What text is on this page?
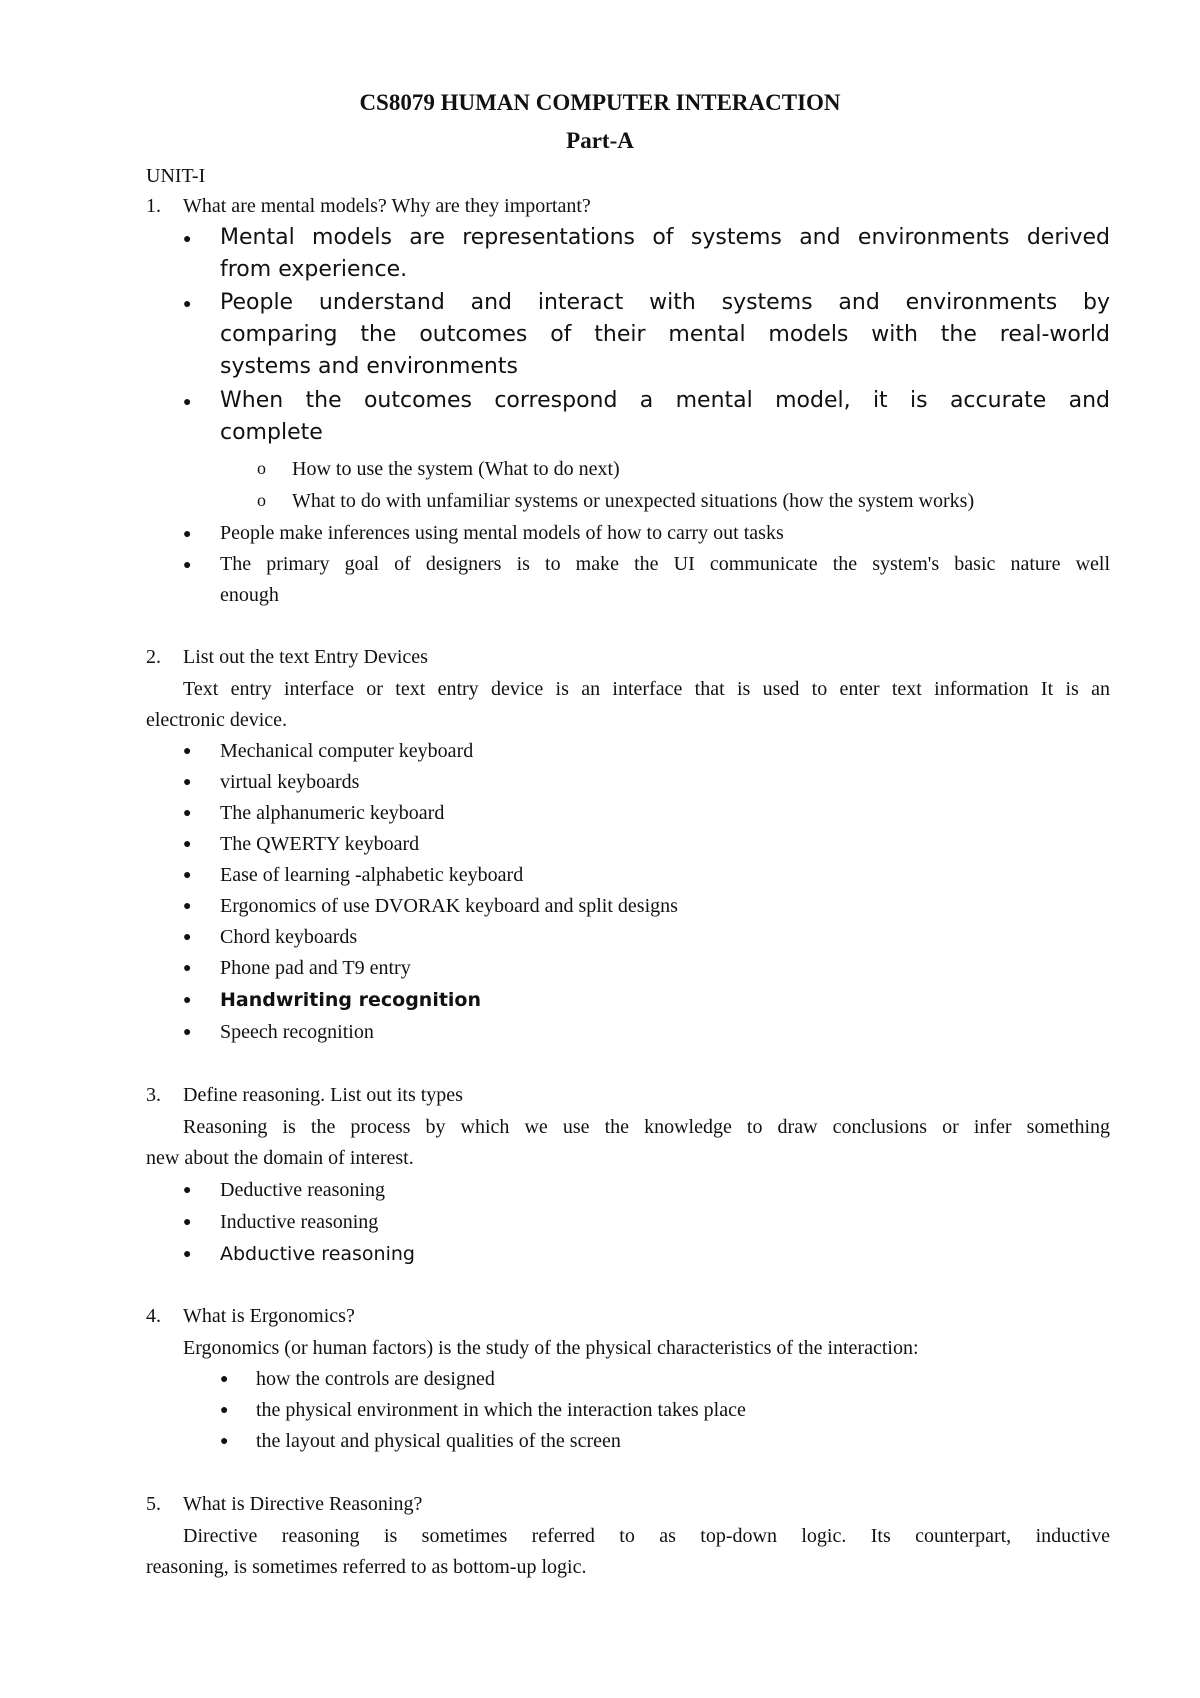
CS8079 HUMAN COMPUTER INTERACTION
Part-A
UNIT-I
1. What are mental models? Why are they important?
● Mental models are representations of systems and environments derived
from experience.
● People understand and interact with systems and environments by
comparing the outcomes of their mental models with the real-world
systems and environments
● When the outcomes correspond a mental model, it is accurate and
complete
o How to use the system (What to do next)
o What to do with unfamiliar systems or unexpected situations (how the system works)
● People make inferences using mental models of how to carry out tasks
● The primary goal of designers is to make the UI communicate the system's basic nature well
enough
2. List out the text Entry Devices
Text entry interface or text entry device is an interface that is used to enter text information It is an
electronic device.
● Mechanical computer keyboard
● virtual keyboards
● The alphanumeric keyboard
● The QWERTY keyboard
● Ease of learning -alphabetic keyboard
● Ergonomics of use DVORAK keyboard and split designs
● Chord keyboards
● Phone pad and T9 entry
● Handwriting recognition
● Speech recognition
3. Define reasoning. List out its types
Reasoning is the process by which we use the knowledge to draw conclusions or infer something
new about the domain of interest.
● Deductive reasoning
● Inductive reasoning
● Abductive reasoning
4. What is Ergonomics?
Ergonomics (or human factors) is the study of the physical characteristics of the interaction:
● how the controls are designed
● the physical environment in which the interaction takes place
● the layout and physical qualities of the screen
5. What is Directive Reasoning?
Directive reasoning is sometimes referred to as top-down logic. Its counterpart, inductive
reasoning, is sometimes referred to as bottom-up logic.
